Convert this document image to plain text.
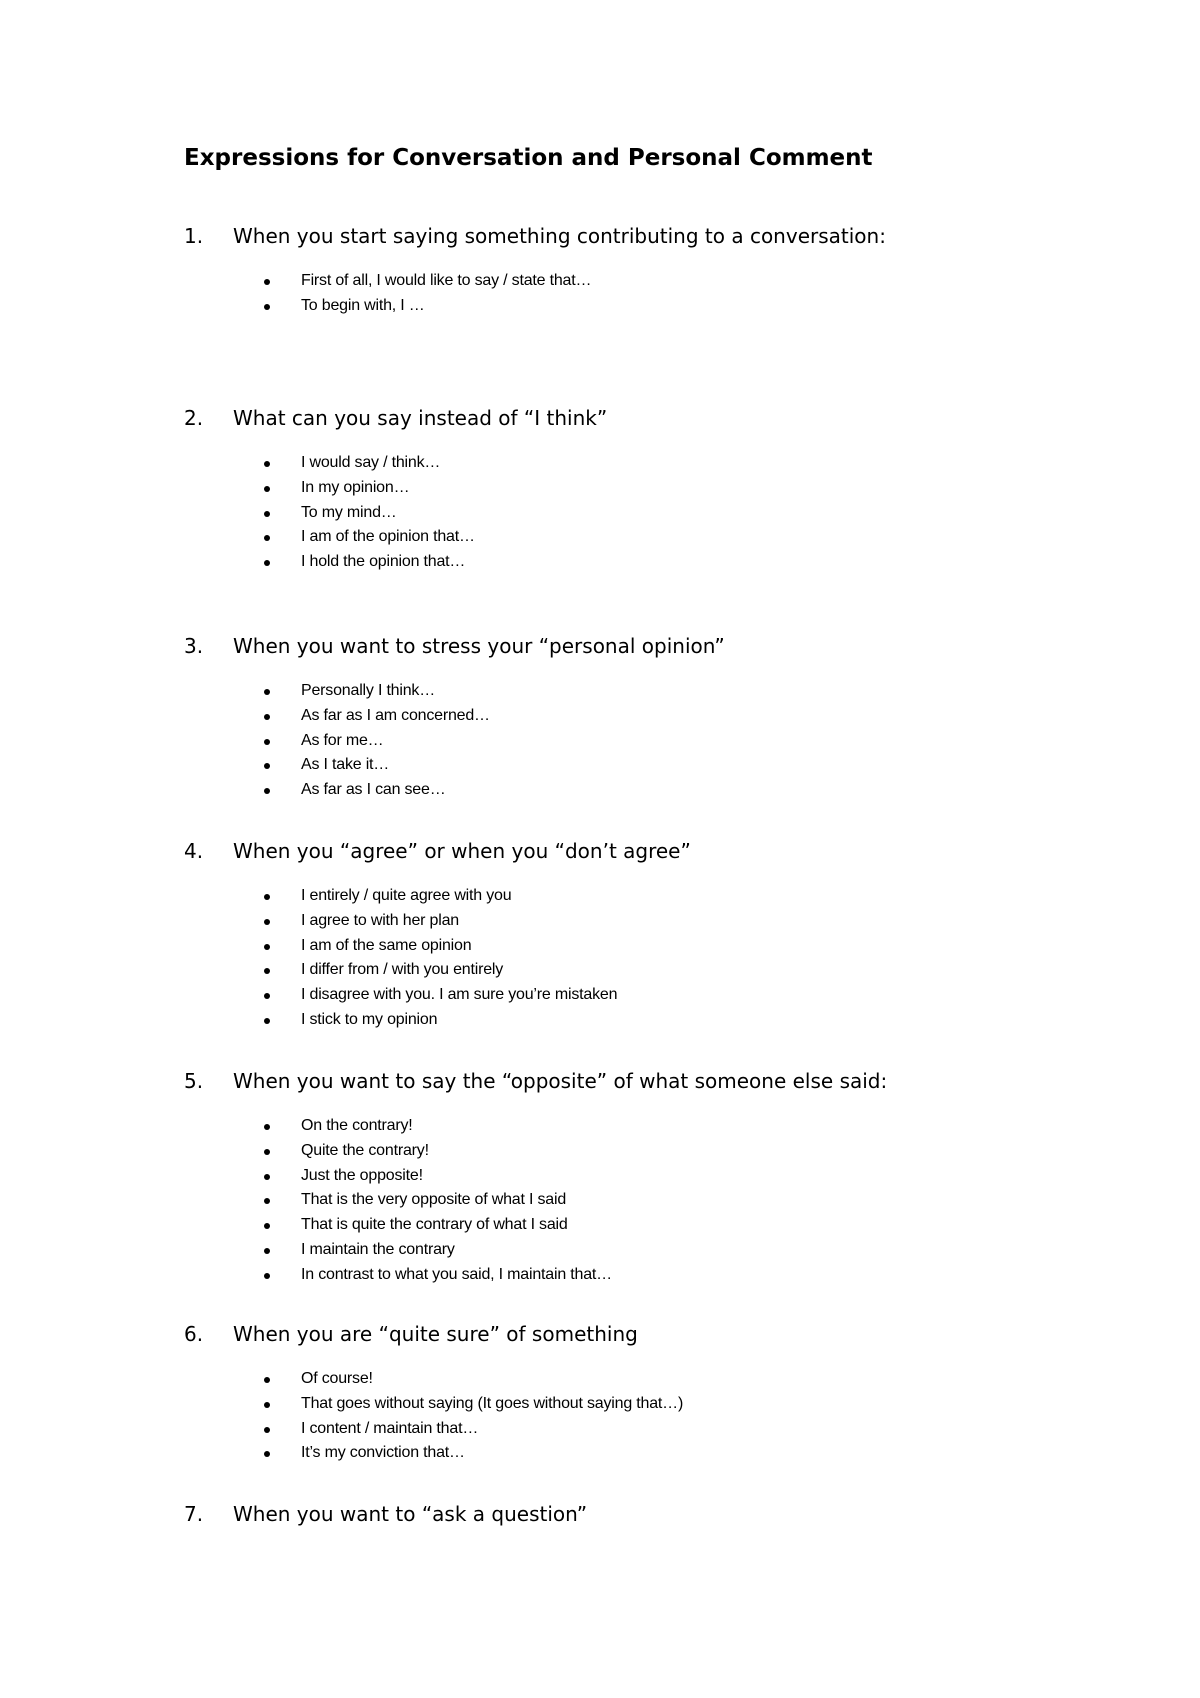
Expressions for Conversation and Personal Comment
1. When you start saying something contributing to a conversation:
First of all, I would like to say / state that…
To begin with, I …
2. What can you say instead of “I think”
I would say / think…
In my opinion…
To my mind…
I am of the opinion that…
I hold the opinion that…
3. When you want to stress your “personal opinion”
Personally I think…
As far as I am concerned…
As for me…
As I take it…
As far as I can see…
4. When you “agree” or when you “don’t agree”
I entirely / quite agree with you
I agree to with her plan
I am of the same opinion
I differ from / with you entirely
I disagree with you. I am sure you’re mistaken
I stick to my opinion
5. When you want to say the “opposite” of what someone else said:
On the contrary!
Quite the contrary!
Just the opposite!
That is the very opposite of what I said
That is quite the contrary of what I said
I maintain the contrary
In contrast to what you said, I maintain that…
6. When you are “quite sure” of something
Of course!
That goes without saying (It goes without saying that…)
I content / maintain that…
It’s my conviction that…
7. When you want to “ask a question”
